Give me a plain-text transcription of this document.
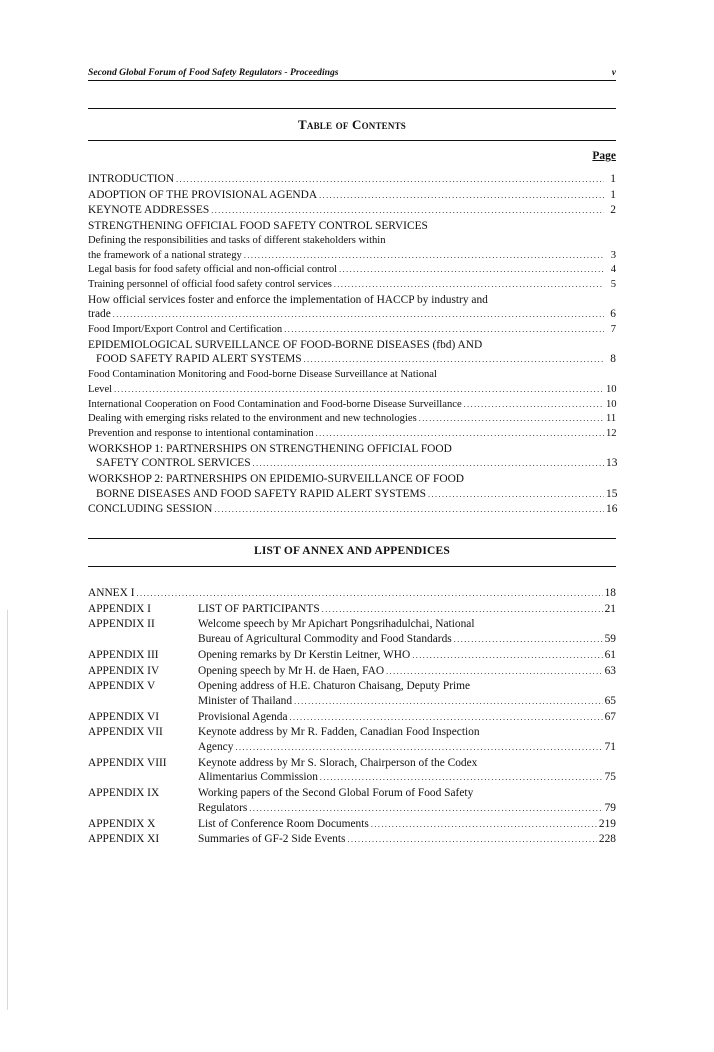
Second Global Forum of Food Safety Regulators - Proceedings	v
Table of Contents
Page
INTRODUCTION .....	1
ADOPTION OF THE PROVISIONAL AGENDA .....	1
KEYNOTE ADDRESSES .....	2
STRENGTHENING OFFICIAL FOOD SAFETY CONTROL SERVICES
Defining the responsibilities and tasks of different stakeholders within
the framework of a national strategy .....	3
Legal basis for food safety official and non-official control .....	4
Training personnel of official food safety control services .....	5
How official services foster and enforce the implementation of HACCP by industry and
trade .....	6
Food Import/Export Control and Certification .....	7
EPIDEMIOLOGICAL SURVEILLANCE OF FOOD-BORNE DISEASES (fbd) AND
FOOD SAFETY RAPID ALERT SYSTEMS .....	8
Food Contamination Monitoring and Food-borne Disease Surveillance at National
Level .....	10
International Cooperation on Food Contamination and Food-borne Disease Surveillance .....	10
Dealing with emerging risks related to the environment and new technologies .....	11
Prevention and response to intentional contamination .....	12
WORKSHOP 1: PARTNERSHIPS ON STRENGTHENING OFFICIAL FOOD
SAFETY CONTROL SERVICES .....	13
WORKSHOP 2: PARTNERSHIPS ON EPIDEMIO-SURVEILLANCE OF FOOD
BORNE DISEASES AND FOOD SAFETY RAPID ALERT SYSTEMS .....	15
CONCLUDING SESSION .....	16
LIST OF ANNEX AND APPENDICES
ANNEX I .....	18
APPENDIX I	LIST OF PARTICIPANTS .....	21
APPENDIX II	Welcome speech by Mr Apichart Pongsrihadulchai, National
Bureau of Agricultural Commodity and Food Standards .....	59
APPENDIX III	Opening remarks by Dr Kerstin Leitner, WHO .....	61
APPENDIX IV	Opening speech by Mr H. de Haen, FAO .....	63
APPENDIX V	Opening address of H.E. Chaturon Chaisang, Deputy Prime
Minister of Thailand .....	65
APPENDIX VI	Provisional Agenda .....	67
APPENDIX VII	Keynote address by Mr R. Fadden, Canadian Food Inspection
Agency .....	71
APPENDIX VIII	Keynote address by Mr S. Slorach, Chairperson of the Codex
Alimentarius Commission .....	75
APPENDIX IX	Working papers of the Second Global Forum of Food Safety
Regulators .....	79
APPENDIX X	List of Conference Room Documents .....	219
APPENDIX XI	Summaries of GF-2 Side Events .....	228
